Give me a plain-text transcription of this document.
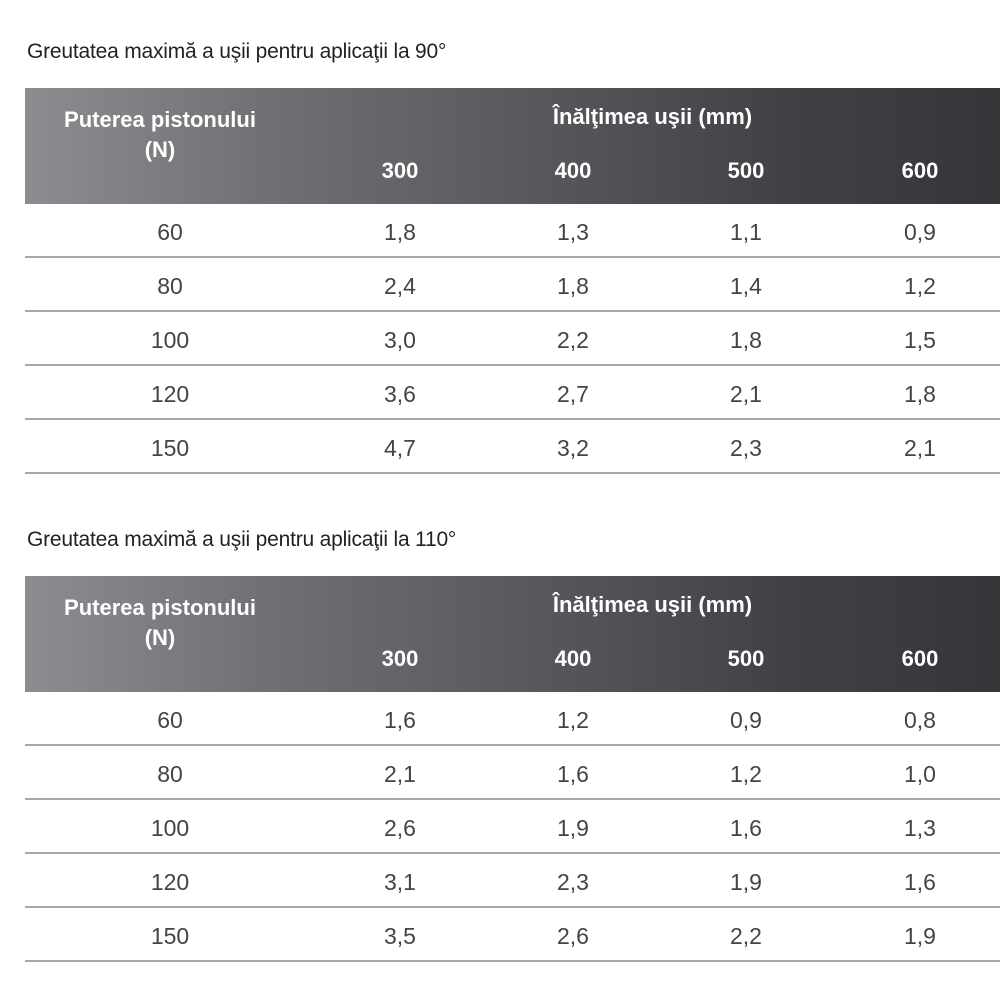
Greutatea maximă a uşii pentru aplicaţii la 90°
Puterea pistonului
(N)
Înălţimea uşii (mm)
300	400	500	600
60	1,8	1,3	1,1	0,9
80	2,4	1,8	1,4	1,2
100	3,0	2,2	1,8	1,5
120	3,6	2,7	2,1	1,8
150	4,7	3,2	2,3	2,1
Greutatea maximă a uşii pentru aplicaţii la 110°
Puterea pistonului
(N)
Înălţimea uşii (mm)
300	400	500	600
60	1,6	1,2	0,9	0,8
80	2,1	1,6	1,2	1,0
100	2,6	1,9	1,6	1,3
120	3,1	2,3	1,9	1,6
150	3,5	2,6	2,2	1,9
